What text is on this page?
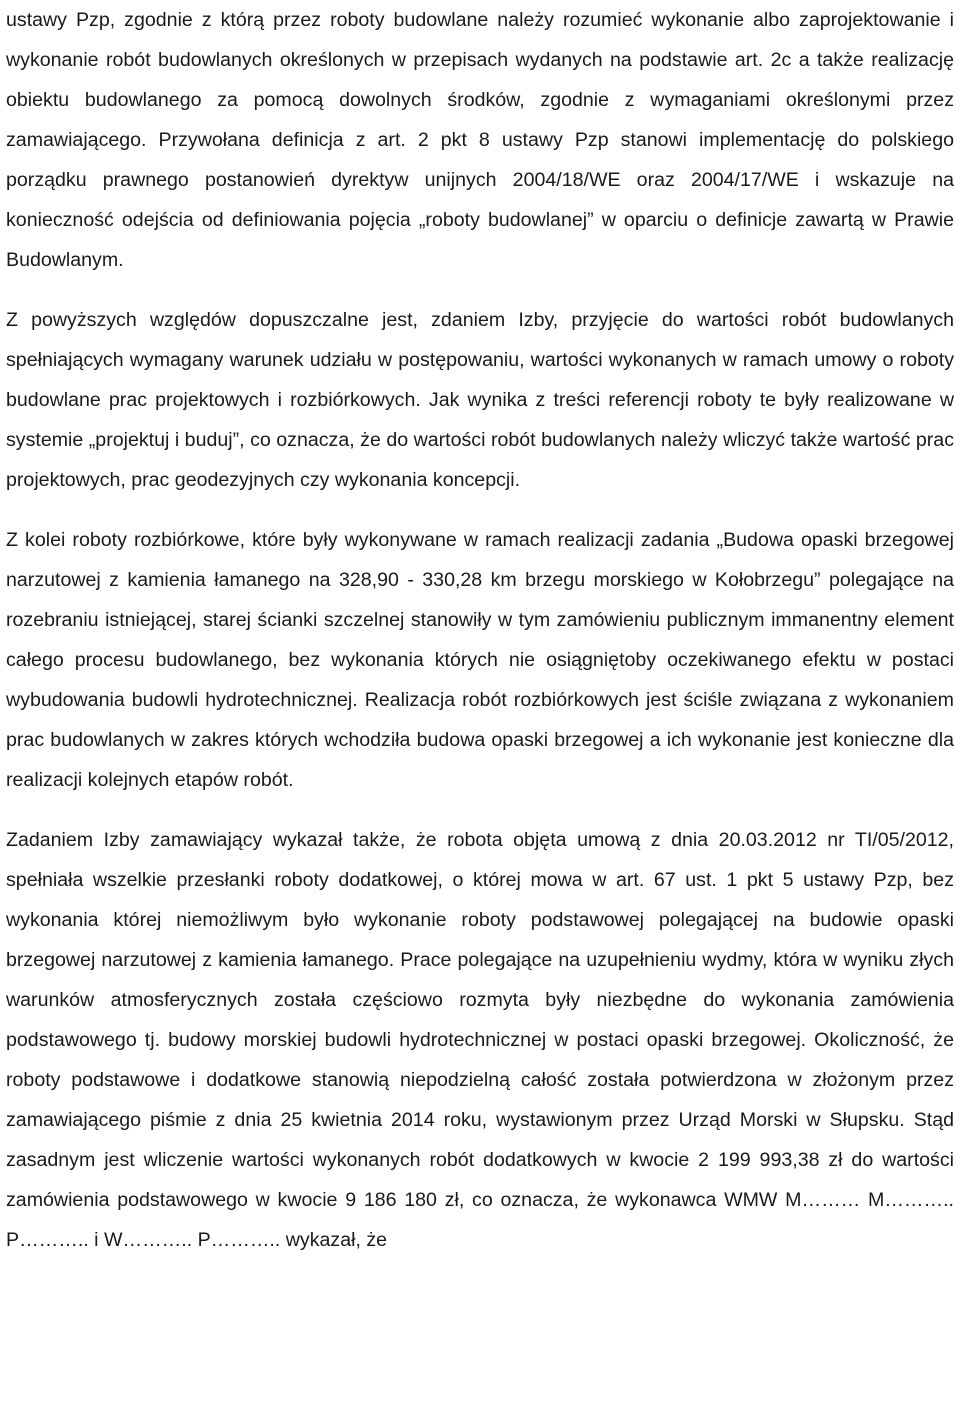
ustawy Pzp, zgodnie z którą przez roboty budowlane należy rozumieć wykonanie albo zaprojektowanie i wykonanie robót budowlanych określonych w przepisach wydanych na podstawie art. 2c a także realizację obiektu budowlanego za pomocą dowolnych środków, zgodnie z wymaganiami określonymi przez zamawiającego. Przywołana definicja z art. 2 pkt 8 ustawy Pzp stanowi implementację do polskiego porządku prawnego postanowień dyrektyw unijnych 2004/18/WE oraz 2004/17/WE i wskazuje na konieczność odejścia od definiowania pojęcia „roboty budowlanej” w oparciu o definicje zawartą w Prawie Budowlanym.

Z powyższych względów dopuszczalne jest, zdaniem Izby, przyjęcie do wartości robót budowlanych spełniających wymagany warunek udziału w postępowaniu, wartości wykonanych w ramach umowy o roboty budowlane prac projektowych i rozbiórkowych. Jak wynika z treści referencji roboty te były realizowane w systemie „projektuj i buduj”, co oznacza, że do wartości robót budowlanych należy wliczyć także wartość prac projektowych, prac geodezyjnych czy wykonania koncepcji.

Z kolei roboty rozbiórkowe, które były wykonywane w ramach realizacji zadania „Budowa opaski brzegowej narzutowej z kamienia łamanego na 328,90 - 330,28 km brzegu morskiego w Kołobrzegu” polegające na rozebraniu istniejącej, starej ścianki szczelnej stanowiły w tym zamówieniu publicznym immanentny element całego procesu budowlanego, bez wykonania których nie osiągniętoby oczekiwanego efektu w postaci wybudowania budowli hydrotechnicznej. Realizacja robót rozbiórkowych jest ściśle związana z wykonaniem prac budowlanych w zakres których wchodziła budowa opaski brzegowej a ich wykonanie jest konieczne dla realizacji kolejnych etapów robót.

Zadaniem Izby zamawiający wykazał także, że robota objęta umową z dnia 20.03.2012 nr TI/05/2012, spełniała wszelkie przesłanki roboty dodatkowej, o której mowa w art. 67 ust. 1 pkt 5 ustawy Pzp, bez wykonania której niemożliwym było wykonanie roboty podstawowej polegającej na budowie opaski brzegowej narzutowej z kamienia łamanego. Prace polegające na uzupełnieniu wydmy, która w wyniku złych warunków atmosferycznych została częściowo rozmyta były niezbędne do wykonania zamówienia podstawowego tj. budowy morskiej budowli hydrotechnicznej w postaci opaski brzegowej. Okoliczność, że roboty podstawowe i dodatkowe stanowią niepodzielną całość została potwierdzona w złożonym przez zamawiającego piśmie z dnia 25 kwietnia 2014 roku, wystawionym przez Urząd Morski w Słupsku. Stąd zasadnym jest wliczenie wartości wykonanych robót dodatkowych w kwocie 2 199 993,38 zł do wartości zamówienia podstawowego w kwocie 9 186 180 zł, co oznacza, że wykonawca WMW M……… M……….. P……….. i W……….. P……….. wykazał, że
